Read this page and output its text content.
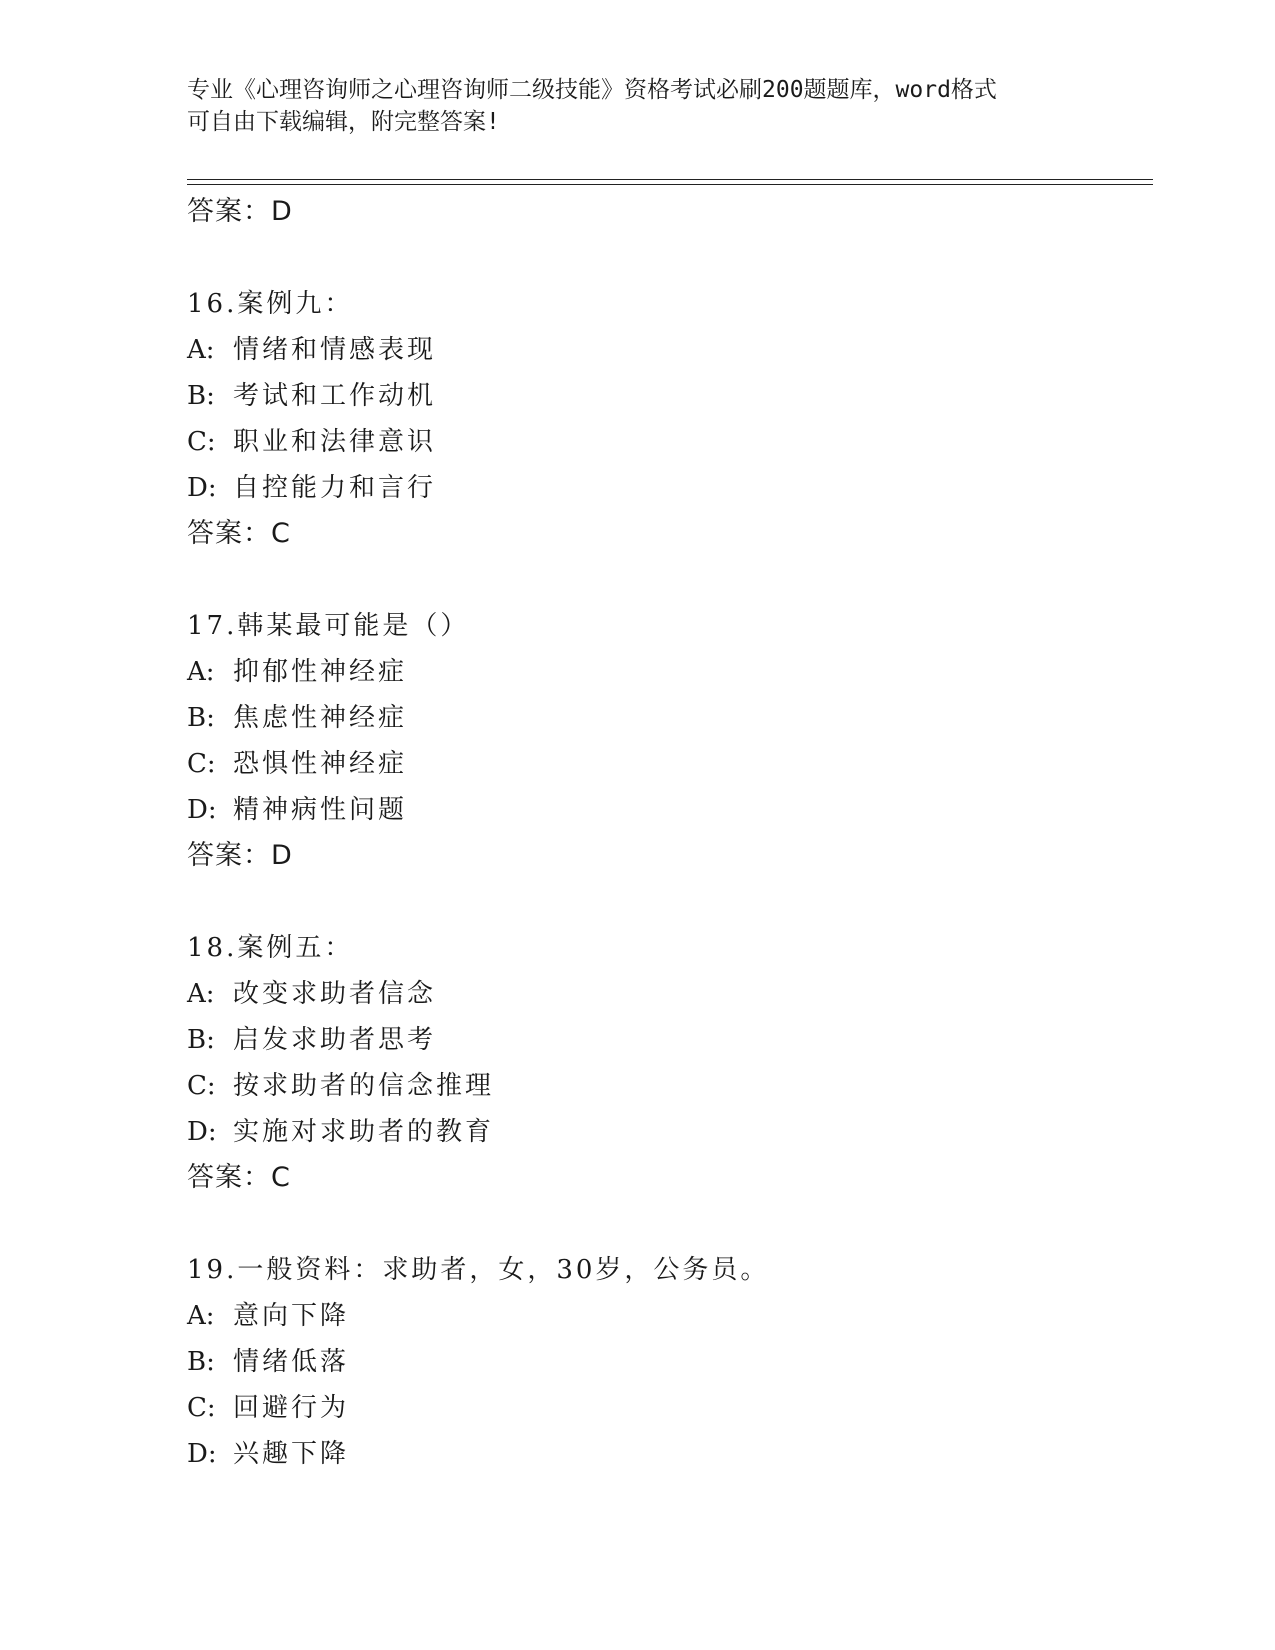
专业《心理咨询师之心理咨询师二级技能》资格考试必刷200题题库，word格式
可自由下载编辑，附完整答案!
答案：D
16.案例九：
A: 情绪和情感表现
B: 考试和工作动机
C: 职业和法律意识
D: 自控能力和言行
答案：C
17.韩某最可能是（）
A: 抑郁性神经症
B: 焦虑性神经症
C: 恐惧性神经症
D: 精神病性问题
答案：D
18.案例五：
A: 改变求助者信念
B: 启发求助者思考
C: 按求助者的信念推理
D: 实施对求助者的教育
答案：C
19.一般资料：求助者，女，30岁，公务员。
A: 意向下降
B: 情绪低落
C: 回避行为
D: 兴趣下降
